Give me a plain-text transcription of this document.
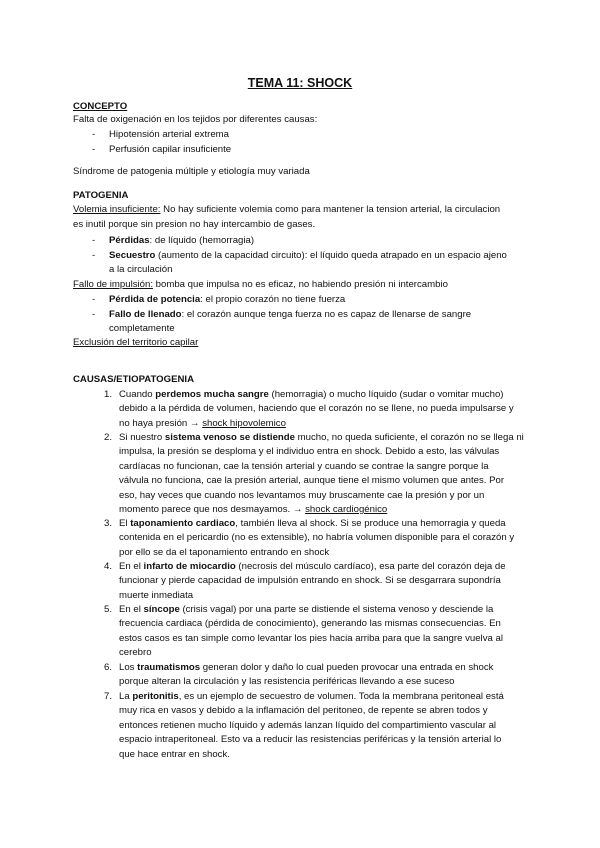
TEMA 11: SHOCK
CONCEPTO
Falta de oxigenación en los tejidos por diferentes causas:
- Hipotensión arterial extrema
- Perfusión capilar insuficiente
Síndrome de patogenia múltiple y etiología muy variada
PATOGENIA
Volemia insuficiente: No hay suficiente volemia como para mantener la tension arterial, la circulacion
es inutil porque sin presion no hay intercambio de gases.
- Pérdidas: de líquido (hemorragia)
- Secuestro (aumento de la capacidad circuito): el líquido queda atrapado en un espacio ajeno
a la circulación
Fallo de impulsión: bomba que impulsa no es eficaz, no habiendo presión ni intercambio
- Pérdida de potencia: el propio corazón no tiene fuerza
- Fallo de llenado: el corazón aunque tenga fuerza no es capaz de llenarse de sangre
completamente
Exclusión del territorio capilar
CAUSAS/ETIOPATOGENIA
1. Cuando perdemos mucha sangre (hemorragia) o mucho líquido (sudar o vomitar mucho)
debido a la pérdida de volumen, haciendo que el corazón no se llene, no pueda impulsarse y
no haya presión → shock hipovolemico
2. Si nuestro sistema venoso se distiende mucho, no queda suficiente, el corazón no se llega ni
impulsa, la presión se desploma y el individuo entra en shock. Debido a esto, las válvulas
cardíacas no funcionan, cae la tensión arterial y cuando se contrae la sangre porque la
válvula no funciona, cae la presión arterial, aunque tiene el mismo volumen que antes. Por
eso, hay veces que cuando nos levantamos muy bruscamente cae la presión y por un
momento parece que nos desmayamos. → shock cardiogénico
3. El taponamiento cardiaco, también lleva al shock. Si se produce una hemorragia y queda
contenida en el pericardio (no es extensible), no habría volumen disponible para el corazón y
por ello se da el taponamiento entrando en shock
4. En el infarto de miocardio (necrosis del músculo cardíaco), esa parte del corazón deja de
funcionar y pierde capacidad de impulsión entrando en shock. Si se desgarrara supondría
muerte inmediata
5. En el síncope (crisis vagal) por una parte se distiende el sistema venoso y desciende la
frecuencia cardiaca (pérdida de conocimiento), generando las mismas consecuencias. En
estos casos es tan simple como levantar los pies hacia arriba para que la sangre vuelva al
cerebro
6. Los traumatismos generan dolor y daño lo cual pueden provocar una entrada en shock
porque alteran la circulación y las resistencia periféricas llevando a ese suceso
7. La peritonitis, es un ejemplo de secuestro de volumen. Toda la membrana peritoneal está
muy rica en vasos y debido a la inflamación del peritoneo, de repente se abren todos y
entonces retienen mucho líquido y además lanzan líquido del compartimiento vascular al
espacio intraperitoneal. Esto va a reducir las resistencias periféricas y la tensión arterial lo
que hace entrar en shock.
